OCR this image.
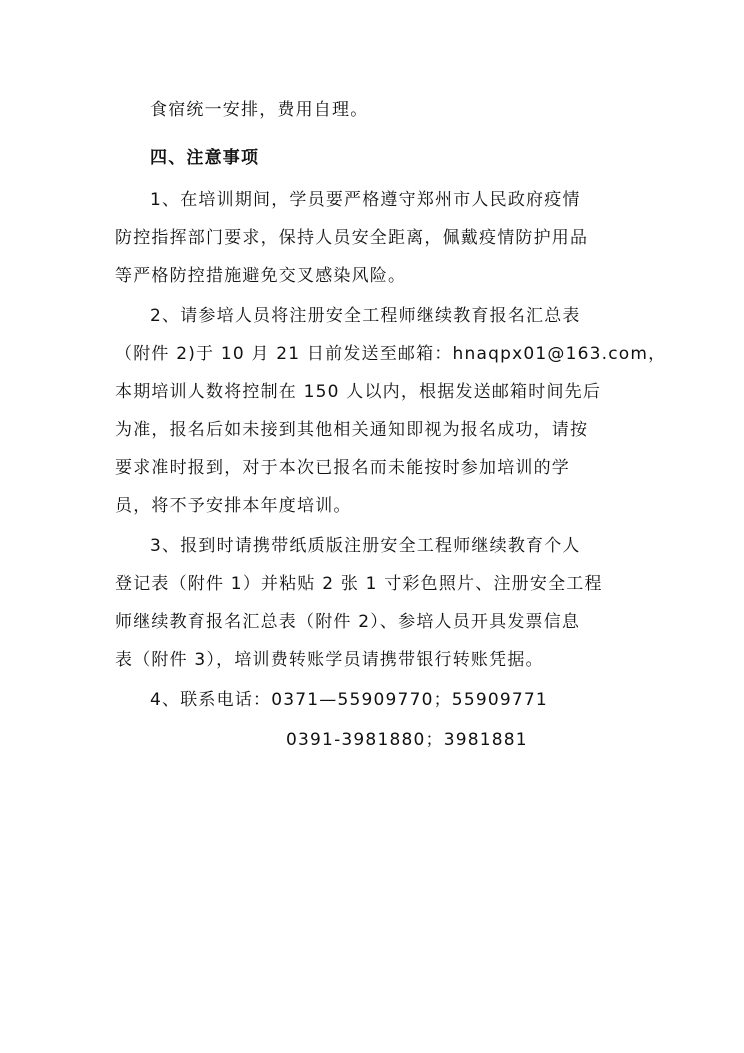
食宿统一安排，费用自理。
四、注意事项
1、在培训期间，学员要严格遵守郑州市人民政府疫情
防控指挥部门要求，保持人员安全距离，佩戴疫情防护用品
等严格防控措施避免交叉感染风险。
2、请参培人员将注册安全工程师继续教育报名汇总表
（附件 2)于 10 月 21 日前发送至邮箱：hnaqpx01@163.com，
本期培训人数将控制在 150 人以内，根据发送邮箱时间先后
为准，报名后如未接到其他相关通知即视为报名成功，请按
要求准时报到，对于本次已报名而未能按时参加培训的学
员，将不予安排本年度培训。
3、报到时请携带纸质版注册安全工程师继续教育个人
登记表（附件 1）并粘贴 2 张 1 寸彩色照片、注册安全工程
师继续教育报名汇总表（附件 2）、参培人员开具发票信息
表（附件 3），培训费转账学员请携带银行转账凭据。
4、联系电话：0371—55909770；55909771
0391-3981880；3981881
